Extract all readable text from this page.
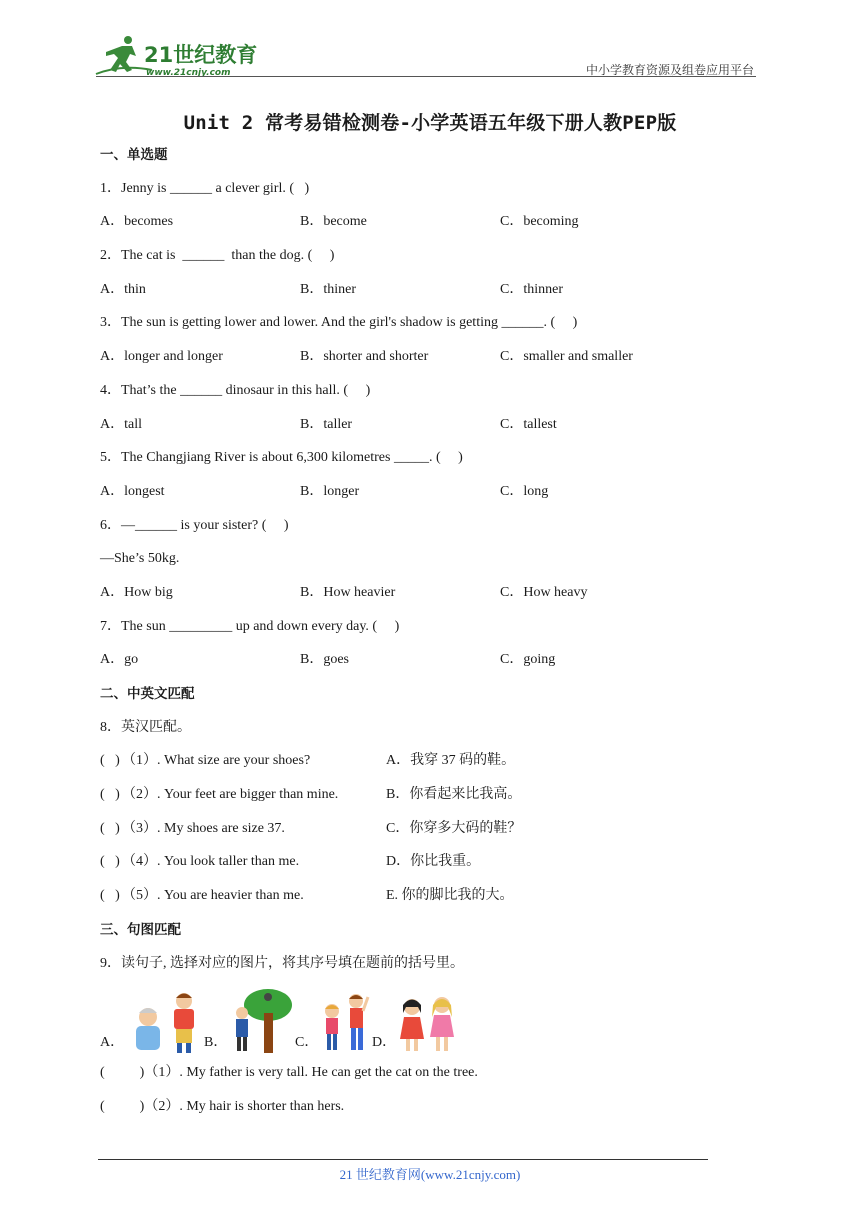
21世纪教育
www.21cnjy.com	中小学教育资源及组卷应用平台
Unit 2 常考易错检测卷-小学英语五年级下册人教PEP版
一、单选题
1．Jenny is ______ a clever girl. (   )
A．becomes	B．become	C．becoming
2．The cat is  ______  than the dog. (     )
A．thin	B．thiner	C．thinner
3．The sun is getting lower and lower. And the girl's shadow is getting ______. (     )
A．longer and longer	B．shorter and shorter	C．smaller and smaller
4．That’s the ______ dinosaur in this hall. (     )
A．tall	B．taller	C．tallest
5．The Changjiang River is about 6,300 kilometres _____. (     )
A．longest	B．longer	C．long
6．—______ is your sister? (     )
—She’s 50kg.
A．How big	B．How heavier	C．How heavy
7．The sun _________ up and down every day. (     )
A．go	B．goes	C．going
二、中英文匹配
8．英汉匹配。
(   ) （1）. What size are your shoes?	A．我穿 37 码的鞋。
(   ) （2）. Your feet are bigger than mine.	B．你看起来比我高。
(   ) （3）. My shoes are size 37.	C．你穿多大码的鞋？
(   ) （4）. You look taller than me.	D．你比我重。
(   ) （5）. You are heavier than me.	E. 你的脚比我的大。
三、句图匹配
9．读句子, 选择对应的图片，将其序号填在题前的括号里。
A．	B．	C．	D．
(          )（1）. My father is very tall. He can get the cat on the tree.
(          )（2）. My hair is shorter than hers.
21 世纪教育网(www.21cnjy.com)
